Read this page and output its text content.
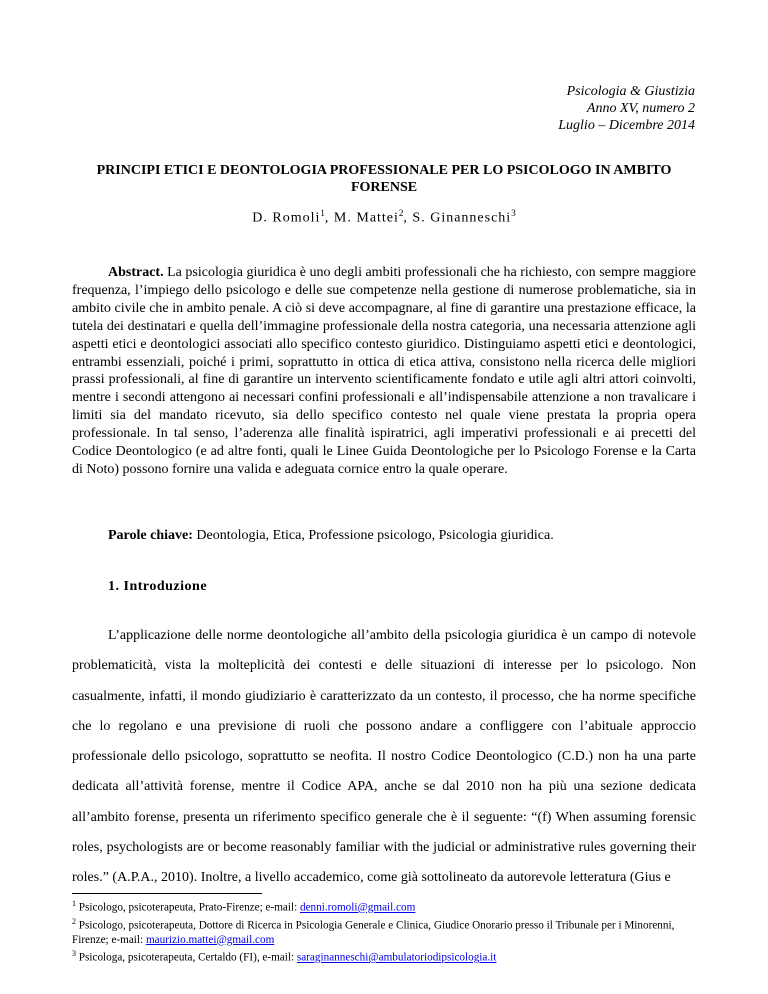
Psicologia & Giustizia
Anno XV, numero 2
Luglio – Dicembre 2014
PRINCIPI ETICI E DEONTOLOGIA PROFESSIONALE PER LO PSICOLOGO IN AMBITO FORENSE
D. Romoli$^1$, M. Mattei$^2$, S. Ginanneschi$^3$

Abstract. La psicologia giuridica è uno degli ambiti professionali che ha richiesto, con sempre maggiore frequenza, l’impiego dello psicologo e delle sue competenze nella gestione di numerose problematiche, sia in ambito civile che in ambito penale. A ciò si deve accompagnare, al fine di garantire una prestazione efficace, la tutela dei destinatari e quella dell’immagine professionale della nostra categoria, una necessaria attenzione agli aspetti etici e deontologici associati allo specifico contesto giuridico. Distinguiamo aspetti etici e deontologici, entrambi essenziali, poiché i primi, soprattutto in ottica di etica attiva, consistono nella ricerca delle migliori prassi professionali, al fine di garantire un intervento scientificamente fondato e utile agli altri attori coinvolti, mentre i secondi attengono ai necessari confini professionali e all’indispensabile attenzione a non travalicare i limiti sia del mandato ricevuto, sia dello specifico contesto nel quale viene prestata la propria opera professionale. In tal senso, l’aderenza alle finalità ispiratrici, agli imperativi professionali e ai precetti del Codice Deontologico (e ad altre fonti, quali le Linee Guida Deontologiche per lo Psicologo Forense e la Carta di Noto) possono fornire una valida e adeguata cornice entro la quale operare.

Parole chiave: Deontologia, Etica, Professione psicologo, Psicologia giuridica.

1. Introduzione

L’applicazione delle norme deontologiche all’ambito della psicologia giuridica è un campo di notevole problematicità, vista la molteplicità dei contesti e delle situazioni di interesse per lo psicologo. Non casualmente, infatti, il mondo giudiziario è caratterizzato da un contesto, il processo, che ha norme specifiche che lo regolano e una previsione di ruoli che possono andare a confliggere con l’abituale approccio professionale dello psicologo, soprattutto se neofita. Il nostro Codice Deontologico (C.D.) non ha una parte dedicata all’attività forense, mentre il Codice APA, anche se dal 2010 non ha più una sezione dedicata all’ambito forense, presenta un riferimento specifico generale che è il seguente: “(f) When assuming forensic roles, psychologists are or become reasonably familiar with the judicial or administrative rules governing their roles.” (A.P.A., 2010). Inoltre, a livello accademico, come già sottolineato da autorevole letteratura (Gius e

$^1$ Psicologo, psicoterapeuta, Prato-Firenze; e-mail: denni.romoli@gmail.com

$^2$ Psicologo, psicoterapeuta, Dottore di Ricerca in Psicologia Generale e Clinica, Giudice Onorario presso il Tribunale per i Minorenni, Firenze; e-mail: maurizio.mattei@gmail.com

$^3$ Psicologa, psicoterapeuta, Certaldo (FI), e-mail: saraginanneschi@ambulatoriodipsicologia.it
